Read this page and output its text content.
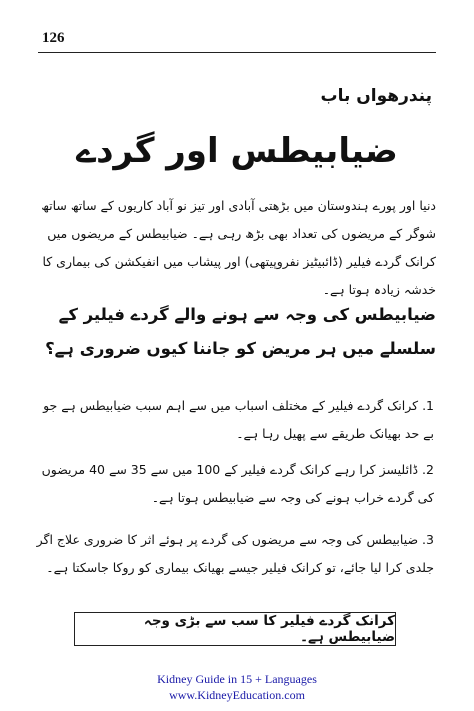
126
پندرھواں باب
ضیابیطس اور گردے
دنیا اور پورے ہندوستان میں بڑھتی آبادی اور تیز نو آباد کاریوں کے ساتھ ساتھ شوگر کے مریضوں کی تعداد بھی بڑھ رہی ہے۔ ضیابیطس کے مریضوں میں کرانک گردے فیلیر (ڈائبیٹیز نفروپیتھی) اور پیشاب میں انفیکشن کی بیماری کا خدشہ زیادہ ہوتا ہے۔
ضیابیطس کی وجہ سے ہونے والے گردے فیلیر کے سلسلے میں ہر مریض کو جاننا کیوں ضروری ہے؟
1. کرانک گردے فیلیر کے مختلف اسباب میں سے اہم سبب ضیابیطس ہے جو بے حد بھیانک طریقے سے پھیل رہا ہے۔
2. ڈائلیسز کرا رہے کرانک گردے فیلیر کے 100 میں سے 35 سے 40 مریضوں کی گردے خراب ہونے کی وجہ سے ضیابیطس ہوتا ہے۔
3. ضیابیطس کی وجہ سے مریضوں کی گردے پر ہوئے اثر کا ضروری علاج اگر جلدی کرا لیا جائے، تو کرانک فیلیر جیسے بھیانک بیماری کو روکا جاسکتا ہے۔
کرانک گردے فیلیر کا سب سے بڑی وجہ ضیابیطس ہے۔
Kidney Guide in 15 + Languages
www.KidneyEducation.com
